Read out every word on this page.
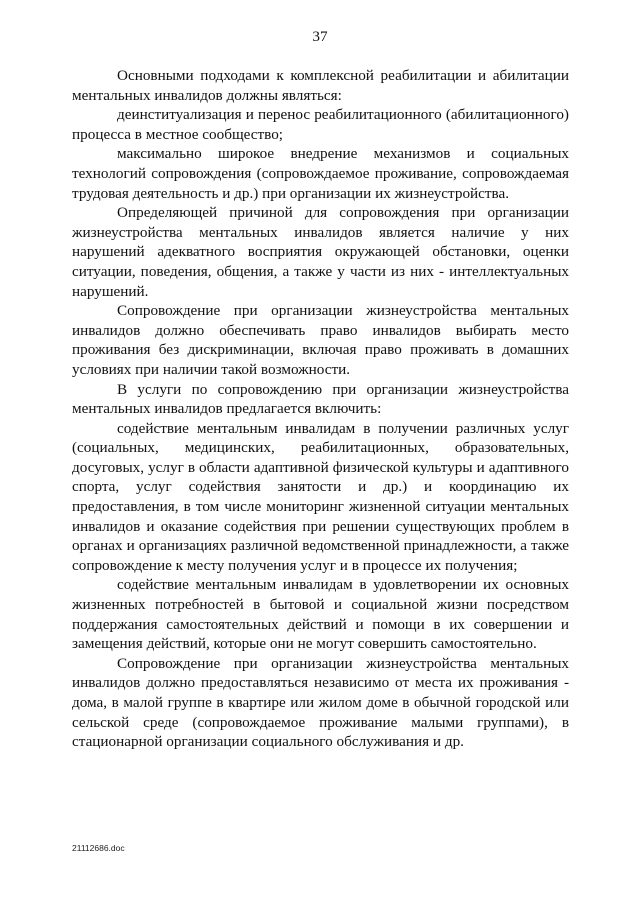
37

Основными подходами к комплексной реабилитации и абилитации ментальных инвалидов должны являться:

деинституализация и перенос реабилитационного (абилитационного) процесса в местное сообщество;

максимально широкое внедрение механизмов и социальных технологий сопровождения (сопровождаемое проживание, сопровождаемая трудовая деятельность и др.) при организации их жизнеустройства.

Определяющей причиной для сопровождения при организации жизнеустройства ментальных инвалидов является наличие у них нарушений адекватного восприятия окружающей обстановки, оценки ситуации, поведения, общения, а также у части из них - интеллектуальных нарушений.

Сопровождение при организации жизнеустройства ментальных инвалидов должно обеспечивать право инвалидов выбирать место проживания без дискриминации, включая право проживать в домашних условиях при наличии такой возможности.

В услуги по сопровождению при организации жизнеустройства ментальных инвалидов предлагается включить:

содействие ментальным инвалидам в получении различных услуг (социальных, медицинских, реабилитационных, образовательных, досуговых, услуг в области адаптивной физической культуры и адаптивного спорта, услуг содействия занятости и др.) и координацию их предоставления, в том числе мониторинг жизненной ситуации ментальных инвалидов и оказание содействия при решении существующих проблем в органах и организациях различной ведомственной принадлежности, а также сопровождение к месту получения услуг и в процессе их получения;

содействие ментальным инвалидам в удовлетворении их основных жизненных потребностей в бытовой и социальной жизни посредством поддержания самостоятельных действий и помощи в их совершении и замещения действий, которые они не могут совершить самостоятельно.

Сопровождение при организации жизнеустройства ментальных инвалидов должно предоставляться независимо от места их проживания - дома, в малой группе в квартире или жилом доме в обычной городской или сельской среде (сопровождаемое проживание малыми группами), в стационарной организации социального обслуживания и др.

21112686.doc
